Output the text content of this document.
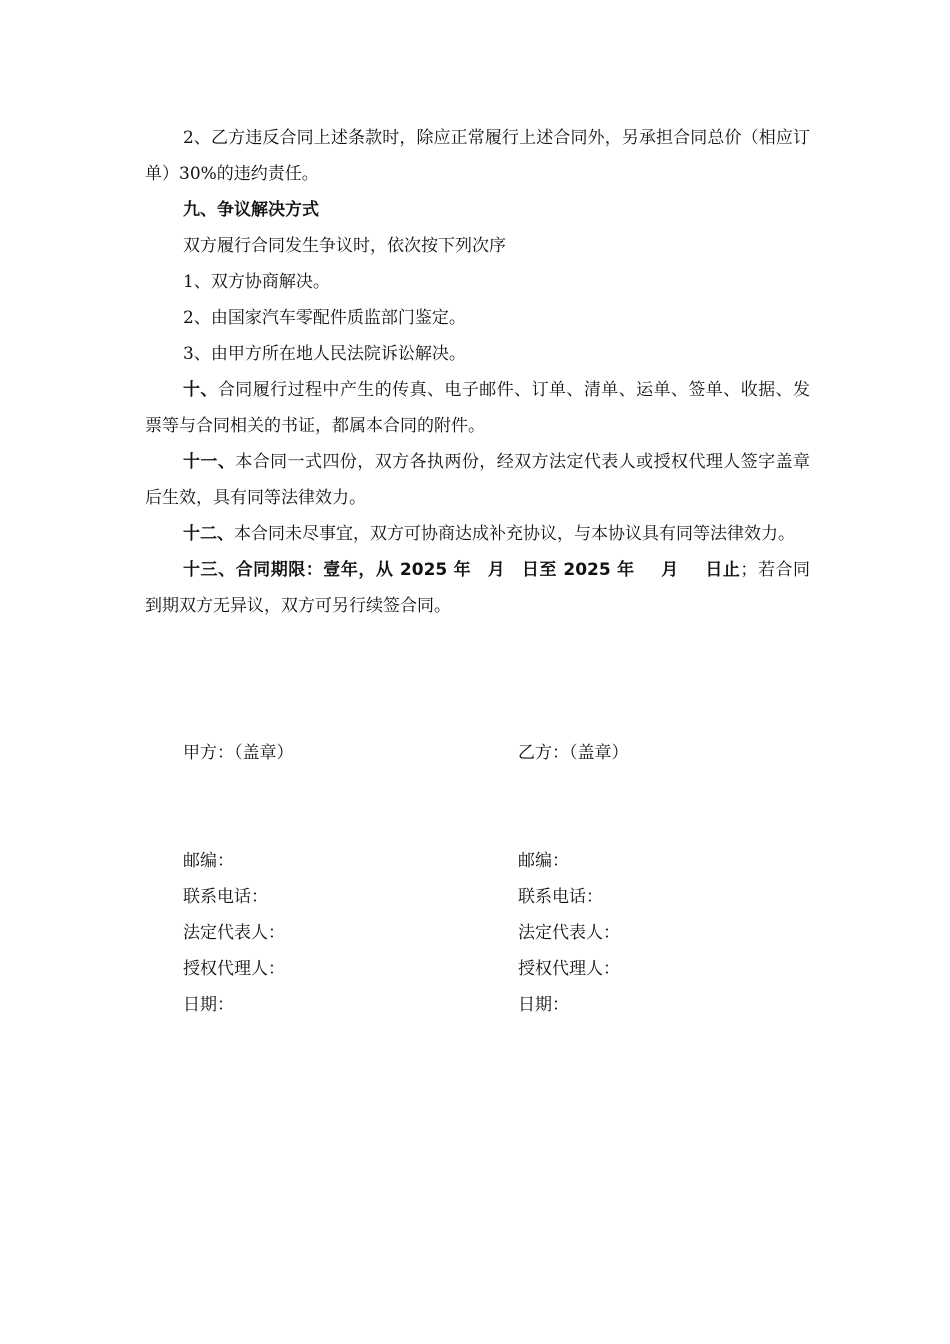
2、乙方违反合同上述条款时，除应正常履行上述合同外，另承担合同总价（相应订单）30%的违约责任。

九、争议解决方式

双方履行合同发生争议时，依次按下列次序

1、双方协商解决。

2、由国家汽车零配件质监部门鉴定。

3、由甲方所在地人民法院诉讼解决。

十、合同履行过程中产生的传真、电子邮件、订单、清单、运单、签单、收据、发票等与合同相关的书证，都属本合同的附件。

十一、本合同一式四份，双方各执两份，经双方法定代表人或授权代理人签字盖章后生效，具有同等法律效力。

十二、本合同未尽事宜，双方可协商达成补充协议，与本协议具有同等法律效力。

十三、合同期限：壹年，从 2025 年 月 日至 2025 年 月 日止；若合同到期双方无异议，双方可另行续签合同。

甲方：（盖章）	乙方：（盖章）
邮编：
联系电话：
法定代表人：
授权代理人：
日期：
邮编：
联系电话：
法定代表人：
授权代理人：
日期：
